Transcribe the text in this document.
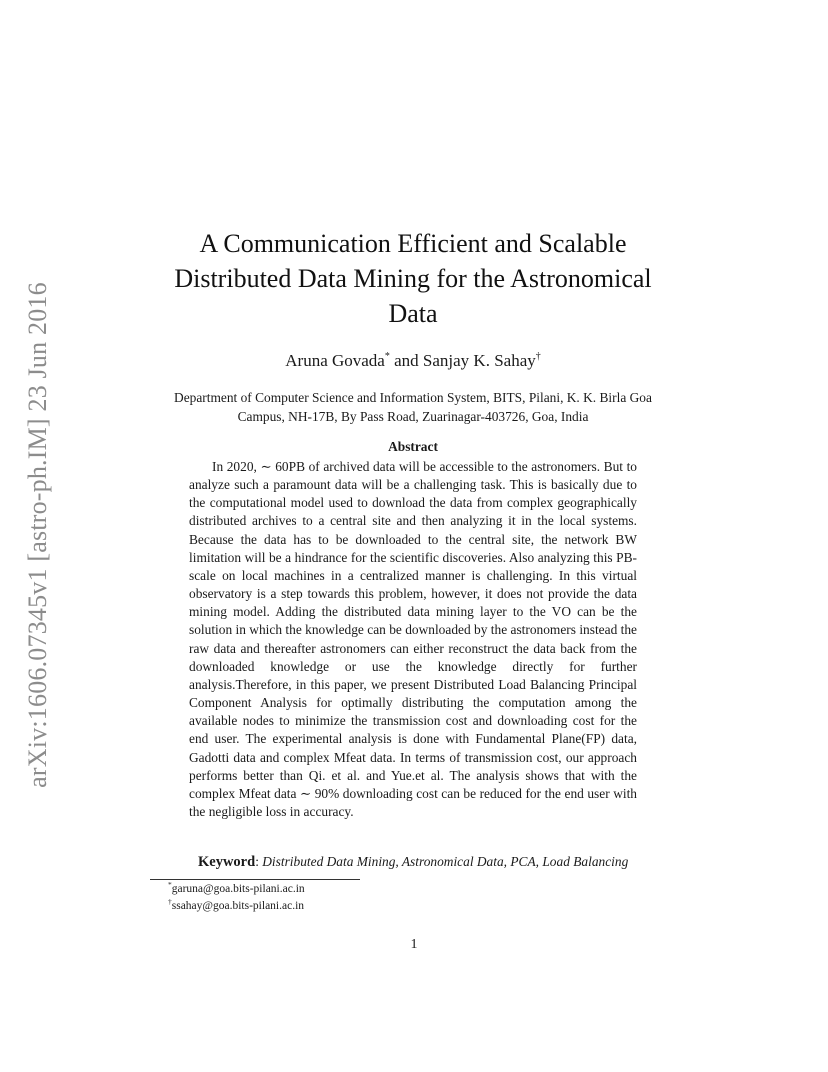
arXiv:1606.07345v1 [astro-ph.IM] 23 Jun 2016
A Communication Efficient and Scalable
Distributed Data Mining for the Astronomical
Data
Aruna Govada* and Sanjay K. Sahay†
Department of Computer Science and Information System, BITS, Pilani, K. K. Birla Goa
Campus, NH-17B, By Pass Road, Zuarinagar-403726, Goa, India
Abstract

In 2020, ∼ 60PB of archived data will be accessible to the astronomers. But to analyze such a paramount data will be a challenging task. This is basically due to the computational model used to download the data from complex geographically distributed archives to a central site and then analyzing it in the local systems. Because the data has to be downloaded to the central site, the network BW limitation will be a hindrance for the scientific discoveries. Also analyzing this PB-scale on local machines in a centralized manner is challenging. In this virtual observatory is a step towards this problem, however, it does not provide the data mining model. Adding the distributed data mining layer to the VO can be the solution in which the knowledge can be downloaded by the astronomers instead the raw data and thereafter astronomers can either reconstruct the data back from the downloaded knowledge or use the knowledge directly for further analysis.Therefore, in this paper, we present Distributed Load Balancing Principal Component Analysis for optimally distributing the computation among the available nodes to minimize the transmission cost and downloading cost for the end user. The experimental analysis is done with Fundamental Plane(FP) data, Gadotti data and complex Mfeat data. In terms of transmission cost, our approach performs better than Qi. et al. and Yue.et al. The analysis shows that with the complex Mfeat data ∼ 90% downloading cost can be reduced for the end user with the negligible loss in accuracy.

Keyword: Distributed Data Mining, Astronomical Data, PCA, Load Balancing
*garuna@goa.bits-pilani.ac.in
†ssahay@goa.bits-pilani.ac.in
1
